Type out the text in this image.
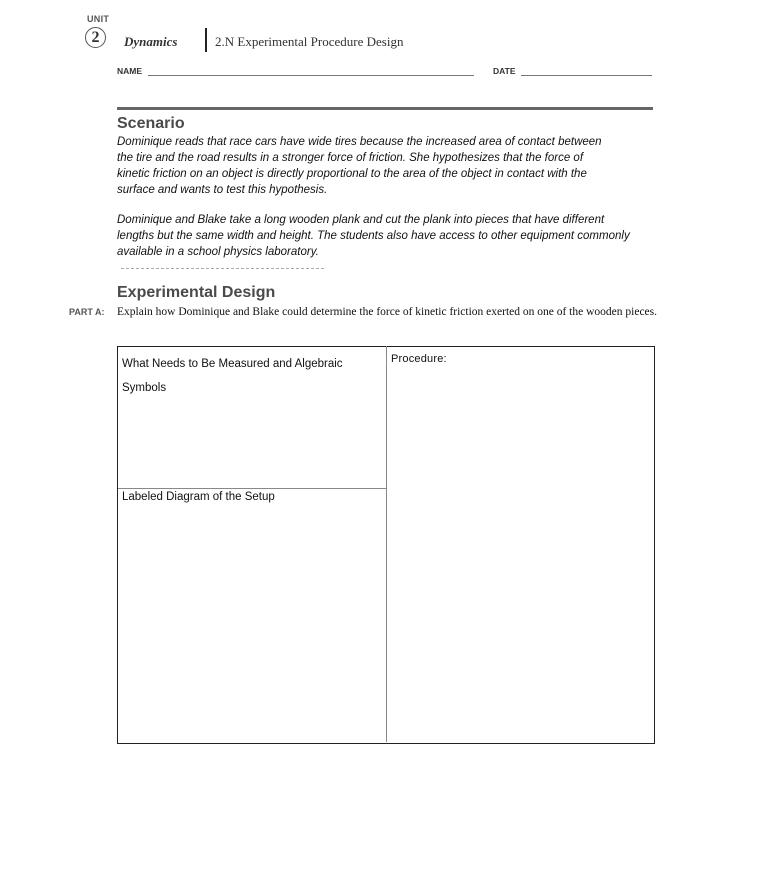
UNIT
2	Dynamics	2.N Experimental Procedure Design
NAME	DATE
Scenario
Dominique reads that race cars have wide tires because the increased area of contact between the tire and the road results in a stronger force of friction. She hypothesizes that the force of kinetic friction on an object is directly proportional to the area of the object in contact with the surface and wants to test this hypothesis.
Dominique and Blake take a long wooden plank and cut the plank into pieces that have different lengths but the same width and height. The students also have access to other equipment commonly available in a school physics laboratory.
Experimental Design
PART A: Explain how Dominique and Blake could determine the force of kinetic friction exerted on one of the wooden pieces.
What Needs to Be Measured and Algebraic Symbols
Labeled Diagram of the Setup
Procedure:
